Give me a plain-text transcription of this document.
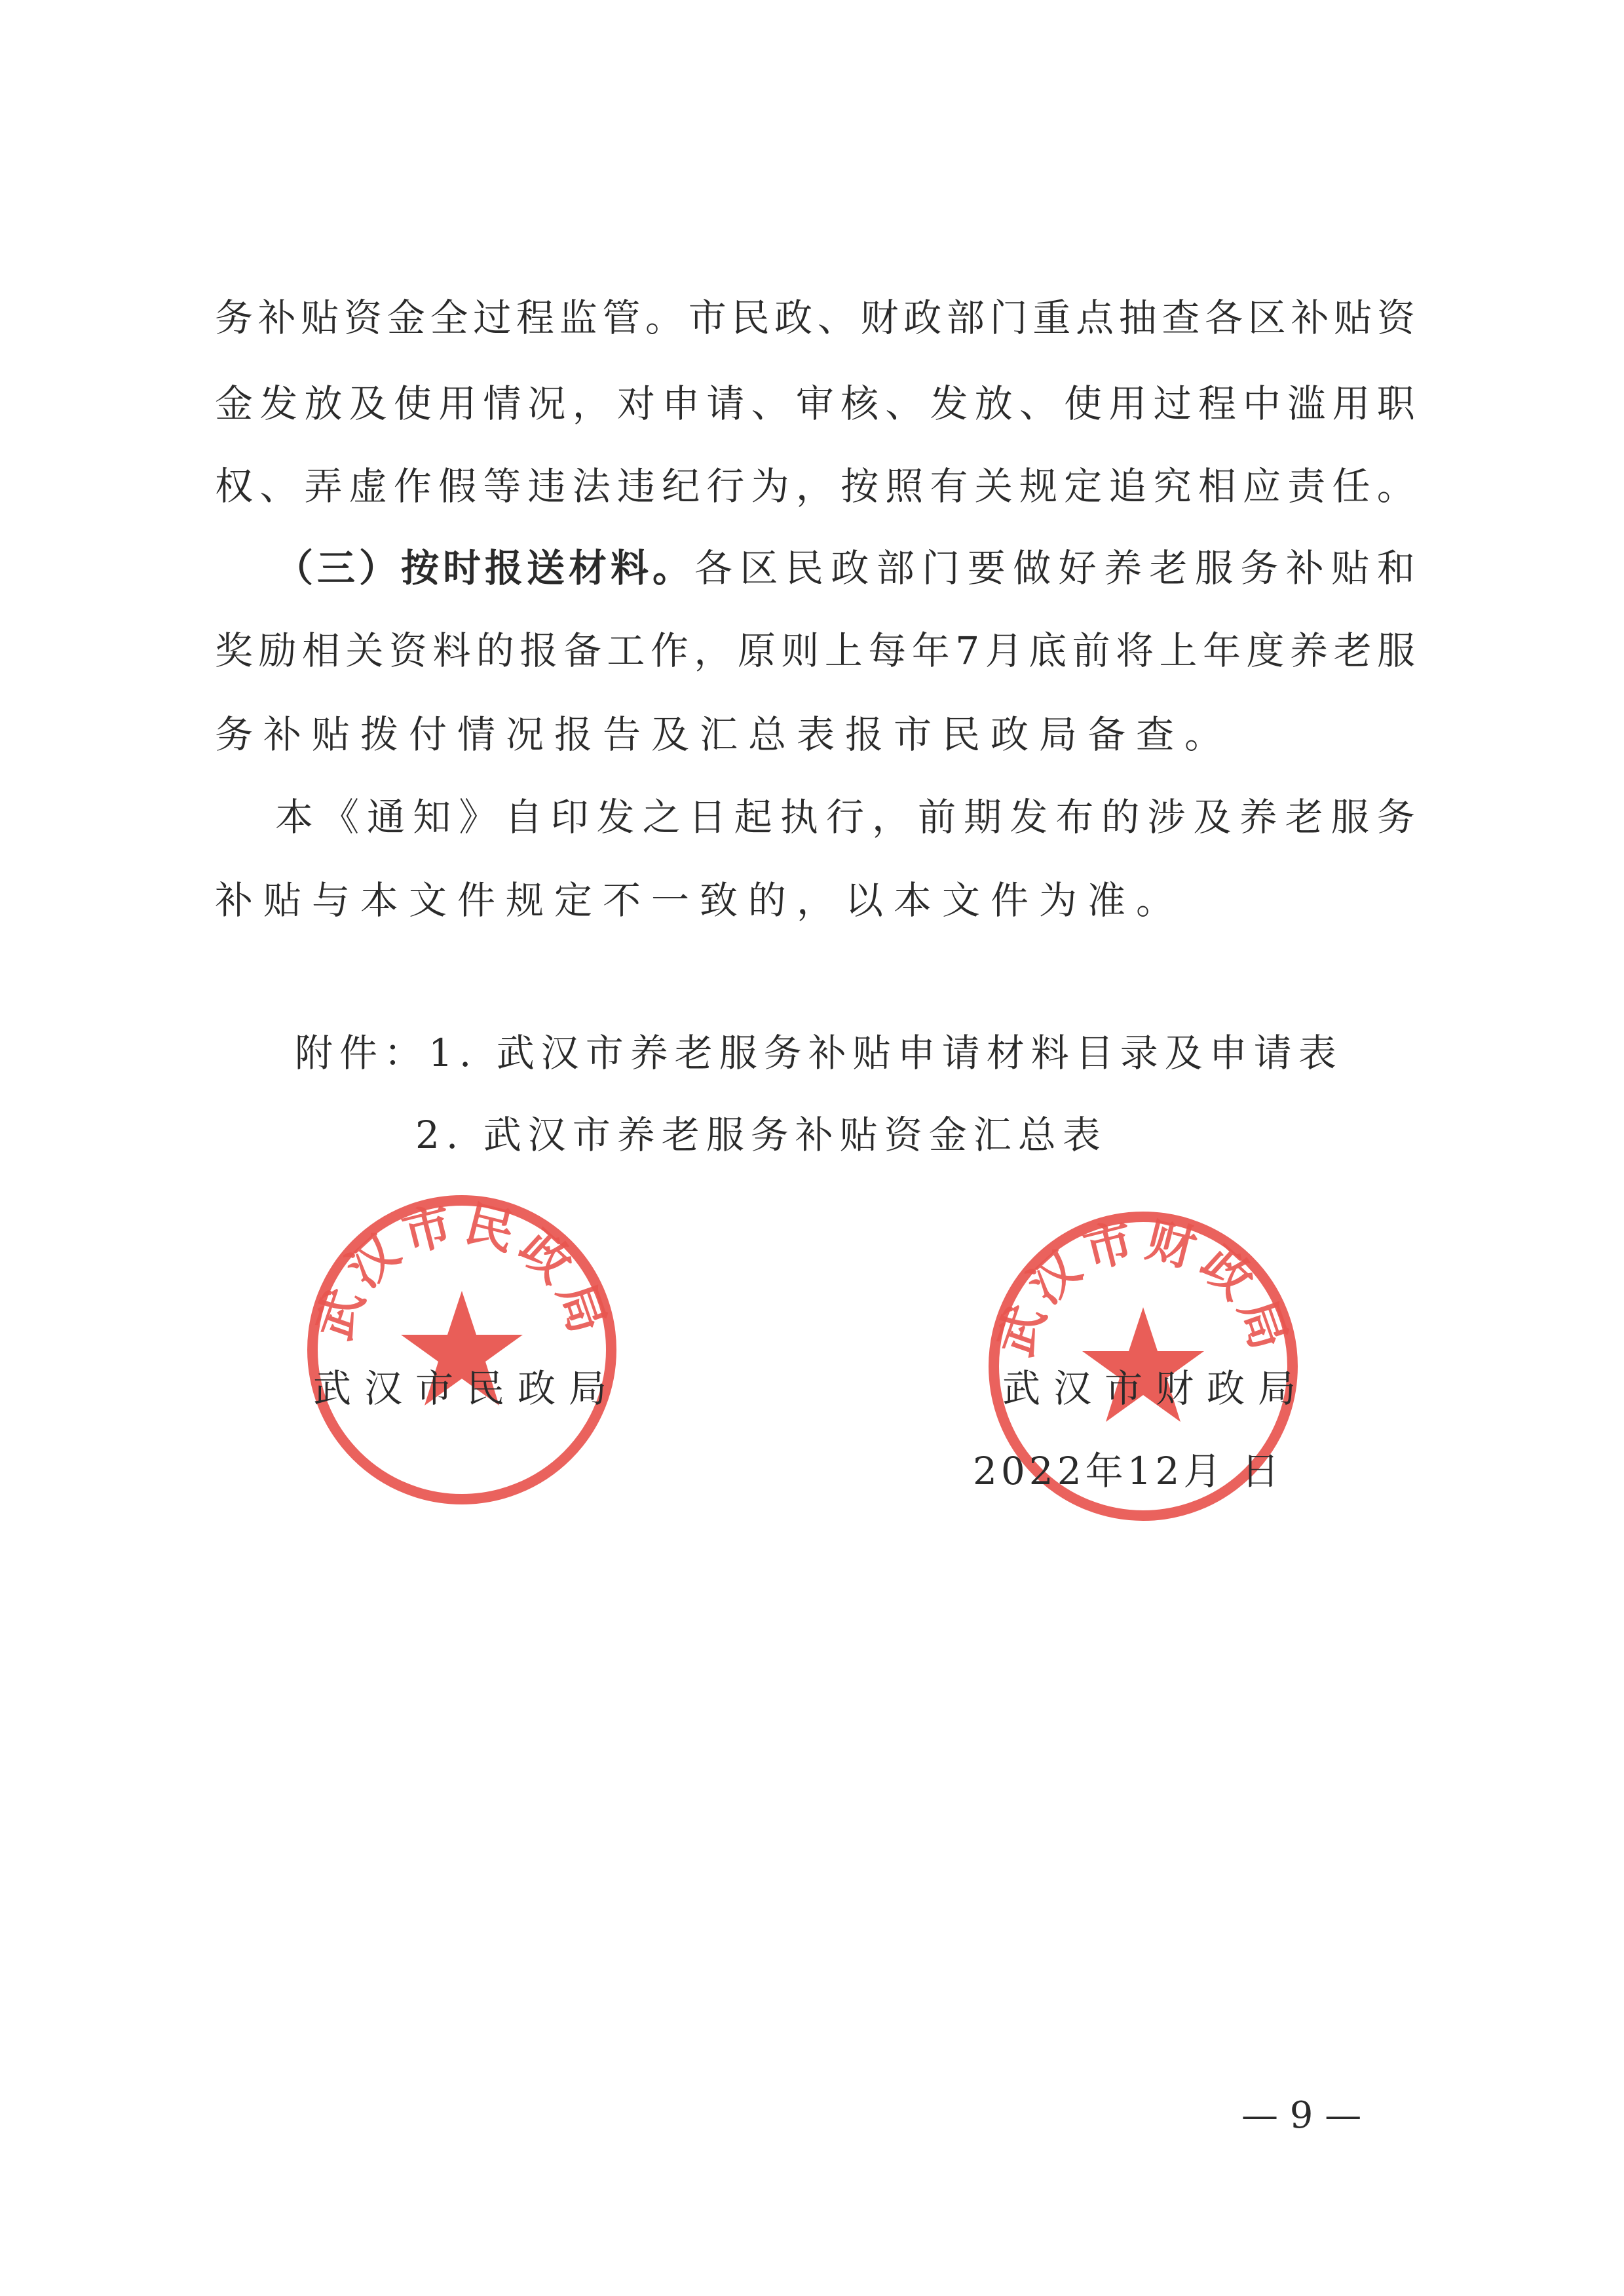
务 补 贴 资 金 全 过 程 监 管 。 市 民 政 、 财 政 部 门 重 点 抽 查 各 区 补 贴 资
金 发 放 及 使 用 情 况 ， 对 申 请 、 审 核 、 发 放 、 使 用 过 程 中 滥 用 职
权 、 弄 虚 作 假 等 违 法 违 纪 行 为 ， 按 照 有 关 规 定 追 究 相 应 责 任 。
（三）按时报送材料。 各 区 民 政 部 门 要 做 好 养 老 服 务 补 贴 和
奖 励 相 关 资 料 的 报 备 工 作 ， 原 则 上 每 年 7 月 底 前 将 上 年 度 养 老 服
务补贴拨付情况报告及汇总表报市民政局备查。
本 《 通 知 》 自 印 发 之 日 起 执 行 ， 前 期 发 布 的 涉 及 养 老 服 务
补贴与本文件规定不一致的，以本文件为准。
附件：1. 武汉市养老服务补贴申请材料目录及申请表
2. 武汉市养老服务补贴资金汇总表
武汉市民政局	武汉市财政局
武汉市民政局	武汉市财政局
2022年12月 日
— 9 —
